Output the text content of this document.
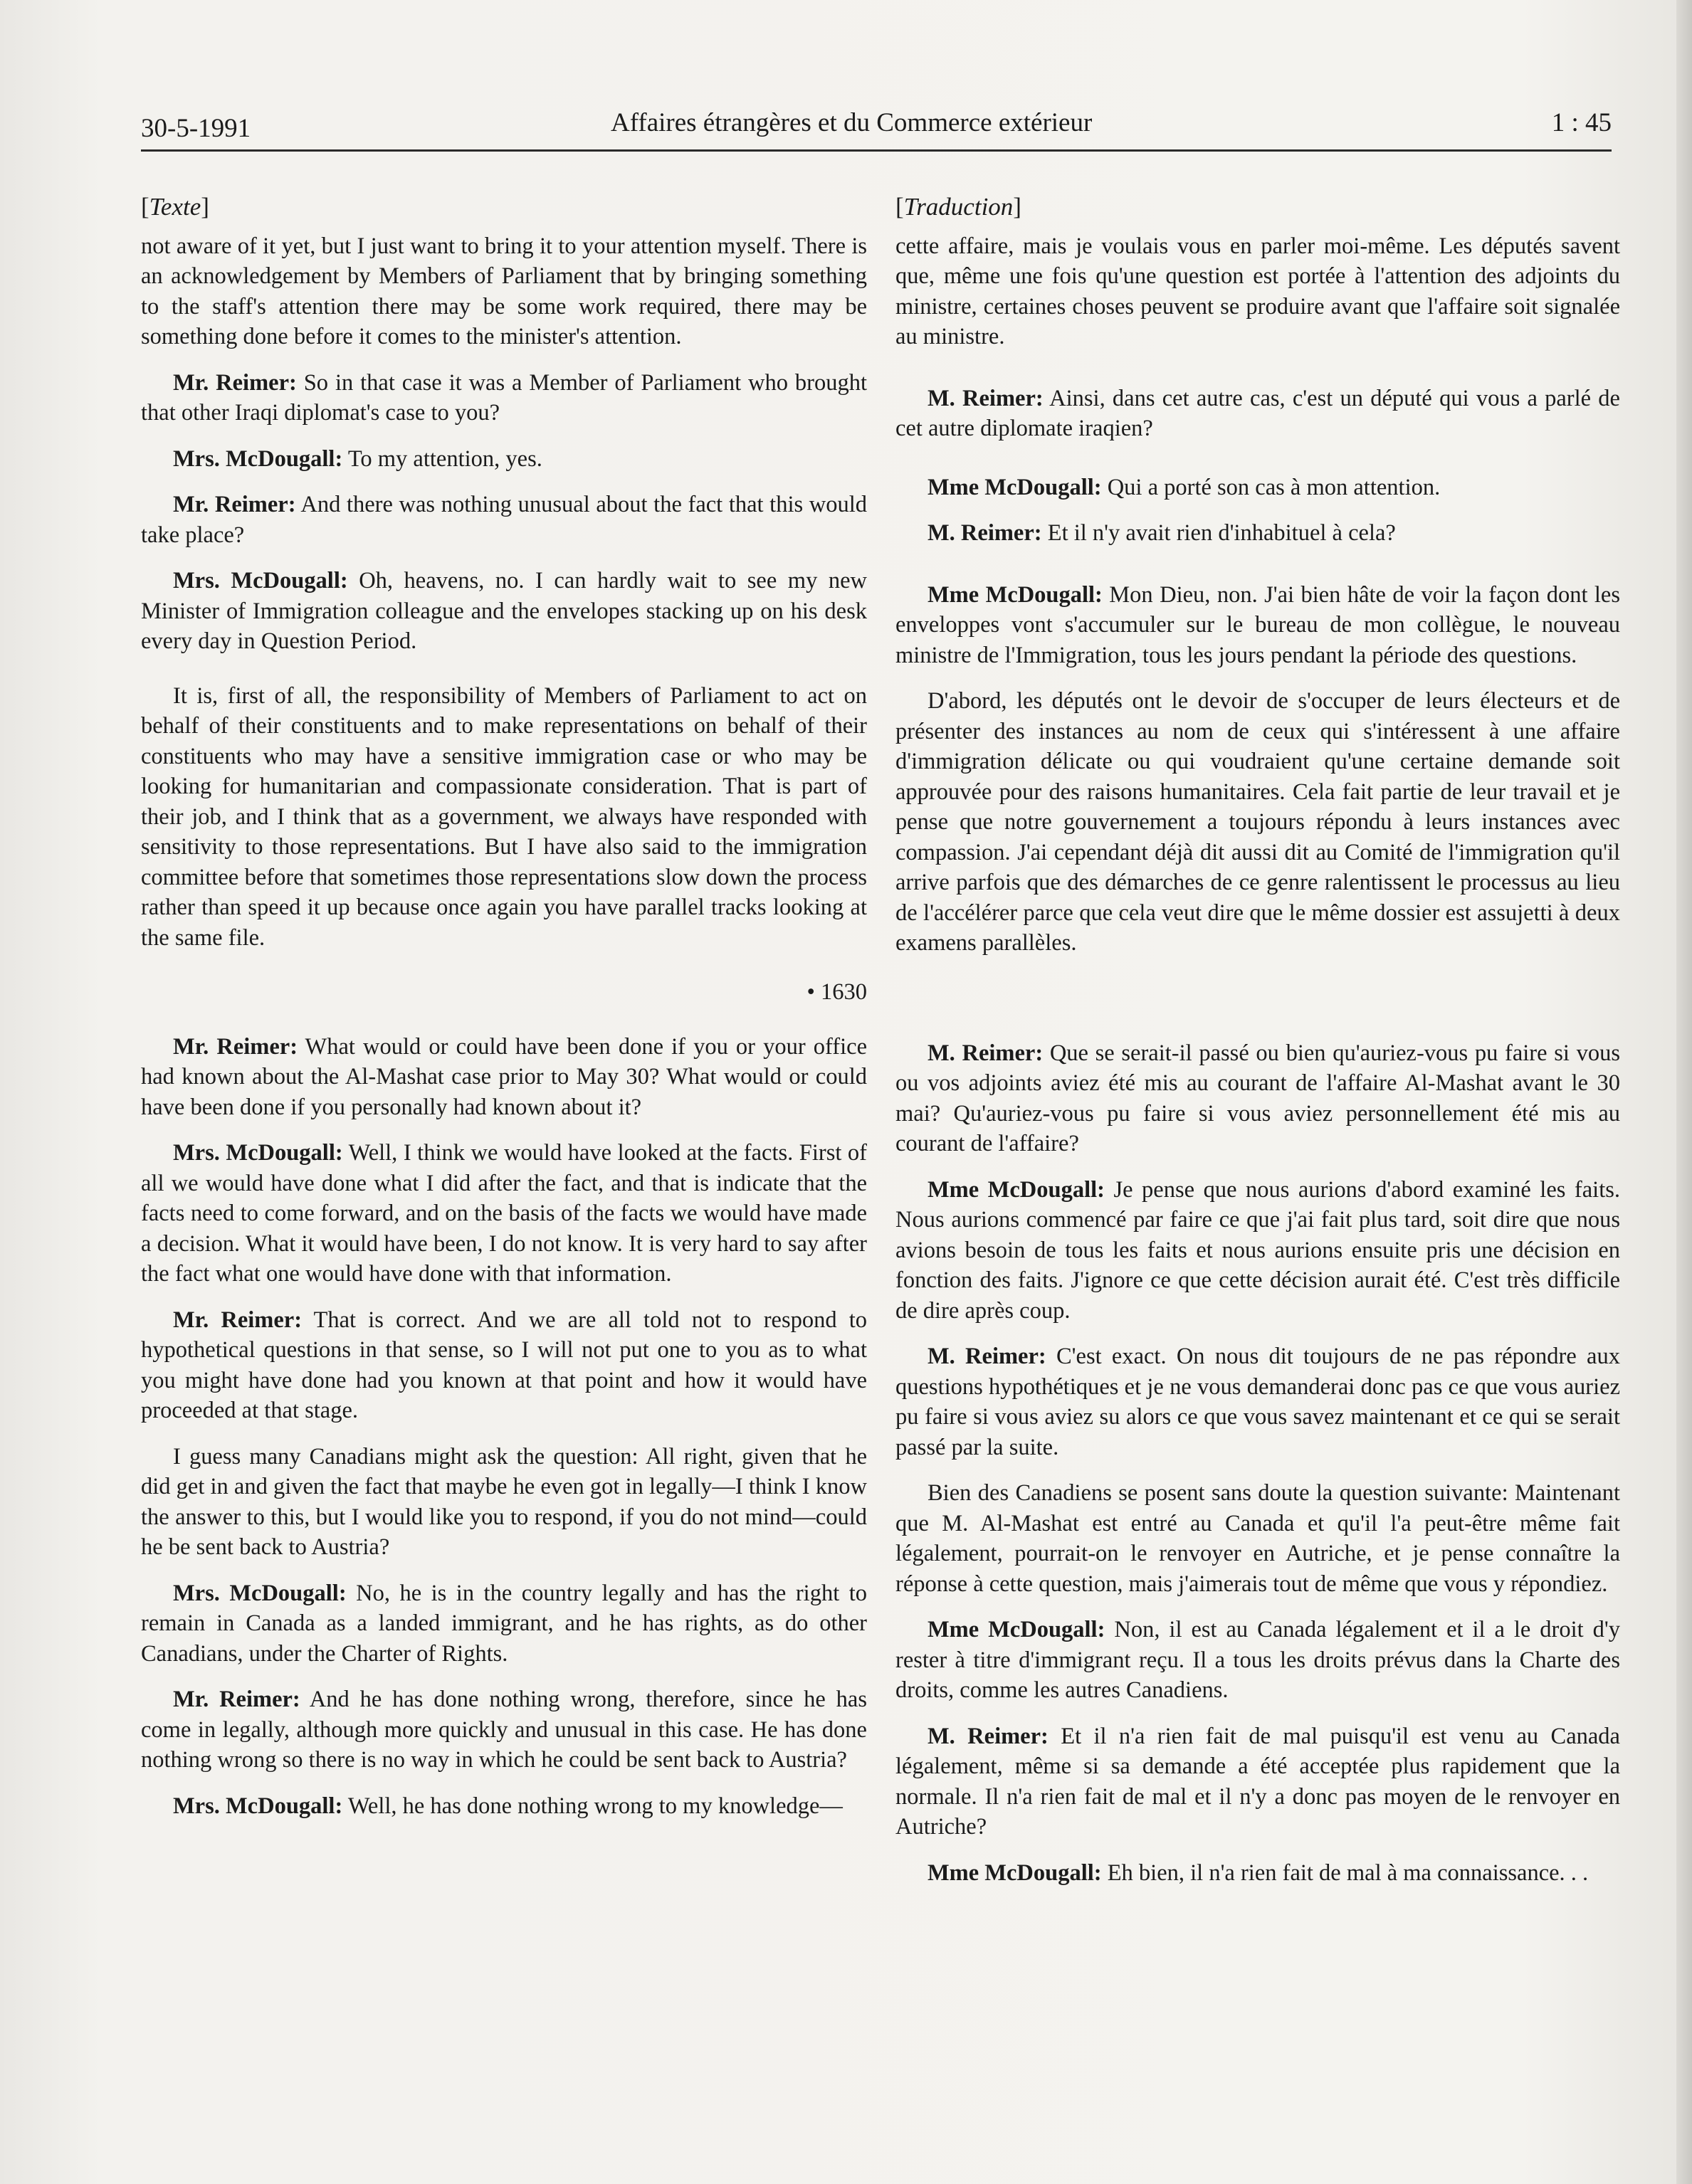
30-5-1991	Affaires étrangères et du Commerce extérieur	1 : 45
[Texte]

not aware of it yet, but I just want to bring it to your attention myself. There is an acknowledgement by Members of Parliament that by bringing something to the staff's attention there may be some work required, there may be something done before it comes to the minister's attention.

Mr. Reimer: So in that case it was a Member of Parliament who brought that other Iraqi diplomat's case to you?

Mrs. McDougall: To my attention, yes.

Mr. Reimer: And there was nothing unusual about the fact that this would take place?

Mrs. McDougall: Oh, heavens, no. I can hardly wait to see my new Minister of Immigration colleague and the envelopes stacking up on his desk every day in Question Period.

It is, first of all, the responsibility of Members of Parliament to act on behalf of their constituents and to make representations on behalf of their constituents who may have a sensitive immigration case or who may be looking for humanitarian and compassionate consideration. That is part of their job, and I think that as a government, we always have responded with sensitivity to those representations. But I have also said to the immigration committee before that sometimes those representations slow down the process rather than speed it up because once again you have parallel tracks looking at the same file.

• 1630

Mr. Reimer: What would or could have been done if you or your office had known about the Al-Mashat case prior to May 30? What would or could have been done if you personally had known about it?

Mrs. McDougall: Well, I think we would have looked at the facts. First of all we would have done what I did after the fact, and that is indicate that the facts need to come forward, and on the basis of the facts we would have made a decision. What it would have been, I do not know. It is very hard to say after the fact what one would have done with that information.

Mr. Reimer: That is correct. And we are all told not to respond to hypothetical questions in that sense, so I will not put one to you as to what you might have done had you known at that point and how it would have proceeded at that stage.

I guess many Canadians might ask the question: All right, given that he did get in and given the fact that maybe he even got in legally—I think I know the answer to this, but I would like you to respond, if you do not mind—could he be sent back to Austria?

Mrs. McDougall: No, he is in the country legally and has the right to remain in Canada as a landed immigrant, and he has rights, as do other Canadians, under the Charter of Rights.

Mr. Reimer: And he has done nothing wrong, therefore, since he has come in legally, although more quickly and unusual in this case. He has done nothing wrong so there is no way in which he could be sent back to Austria?

Mrs. McDougall: Well, he has done nothing wrong to my knowledge—

[Traduction]

cette affaire, mais je voulais vous en parler moi-même. Les députés savent que, même une fois qu'une question est portée à l'attention des adjoints du ministre, certaines choses peuvent se produire avant que l'affaire soit signalée au ministre.

M. Reimer: Ainsi, dans cet autre cas, c'est un député qui vous a parlé de cet autre diplomate iraqien?

Mme McDougall: Qui a porté son cas à mon attention.

M. Reimer: Et il n'y avait rien d'inhabituel à cela?

Mme McDougall: Mon Dieu, non. J'ai bien hâte de voir la façon dont les enveloppes vont s'accumuler sur le bureau de mon collègue, le nouveau ministre de l'Immigration, tous les jours pendant la période des questions.

D'abord, les députés ont le devoir de s'occuper de leurs électeurs et de présenter des instances au nom de ceux qui s'intéressent à une affaire d'immigration délicate ou qui voudraient qu'une certaine demande soit approuvée pour des raisons humanitaires. Cela fait partie de leur travail et je pense que notre gouvernement a toujours répondu à leurs instances avec compassion. J'ai cependant déjà dit aussi dit au Comité de l'immigration qu'il arrive parfois que des démarches de ce genre ralentissent le processus au lieu de l'accélérer parce que cela veut dire que le même dossier est assujetti à deux examens parallèles.

M. Reimer: Que se serait-il passé ou bien qu'auriez-vous pu faire si vous ou vos adjoints aviez été mis au courant de l'affaire Al-Mashat avant le 30 mai? Qu'auriez-vous pu faire si vous aviez personnellement été mis au courant de l'affaire?

Mme McDougall: Je pense que nous aurions d'abord examiné les faits. Nous aurions commencé par faire ce que j'ai fait plus tard, soit dire que nous avions besoin de tous les faits et nous aurions ensuite pris une décision en fonction des faits. J'ignore ce que cette décision aurait été. C'est très difficile de dire après coup.

M. Reimer: C'est exact. On nous dit toujours de ne pas répondre aux questions hypothétiques et je ne vous demanderai donc pas ce que vous auriez pu faire si vous aviez su alors ce que vous savez maintenant et ce qui se serait passé par la suite.

Bien des Canadiens se posent sans doute la question suivante: Maintenant que M. Al-Mashat est entré au Canada et qu'il l'a peut-être même fait légalement, pourrait-on le renvoyer en Autriche, et je pense connaître la réponse à cette question, mais j'aimerais tout de même que vous y répondiez.

Mme McDougall: Non, il est au Canada légalement et il a le droit d'y rester à titre d'immigrant reçu. Il a tous les droits prévus dans la Charte des droits, comme les autres Canadiens.

M. Reimer: Et il n'a rien fait de mal puisqu'il est venu au Canada légalement, même si sa demande a été acceptée plus rapidement que la normale. Il n'a rien fait de mal et il n'y a donc pas moyen de le renvoyer en Autriche?

Mme McDougall: Eh bien, il n'a rien fait de mal à ma connaissance. . .
